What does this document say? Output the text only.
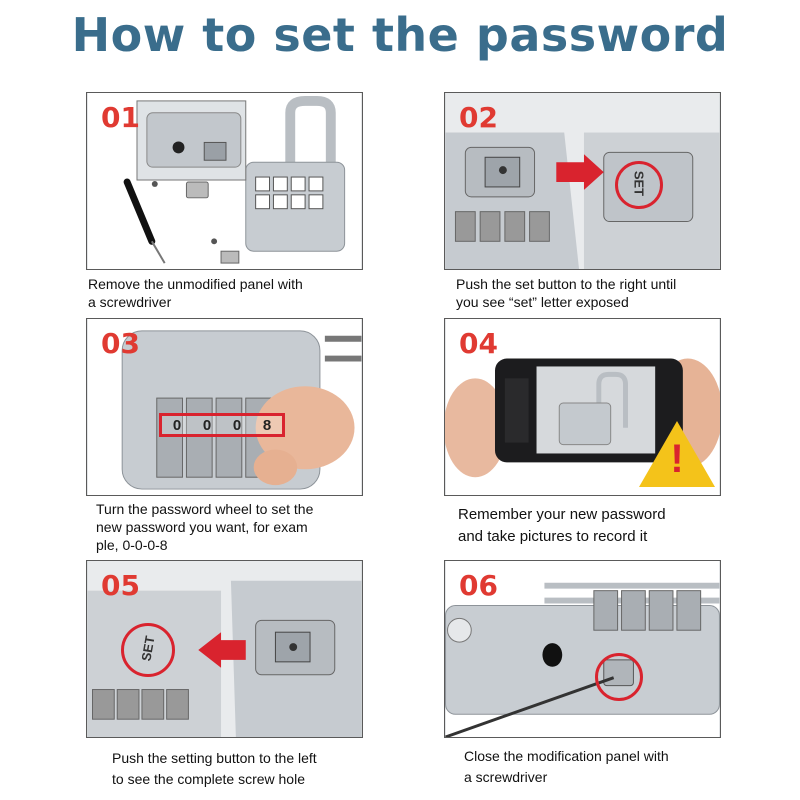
How to set the password
01
Remove the unmodified panel with
a screwdriver
02
SET
Push the set button to the right until
you see “set” letter exposed
03
0 0 0 8
Turn the password wheel to set the
new password you want, for exam
ple, 0-0-0-8
04
!
Remember your new password
and take pictures to record it
05
SET
Push the setting button to the left
to see the complete screw hole
06
Close the modification panel with
a screwdriver
